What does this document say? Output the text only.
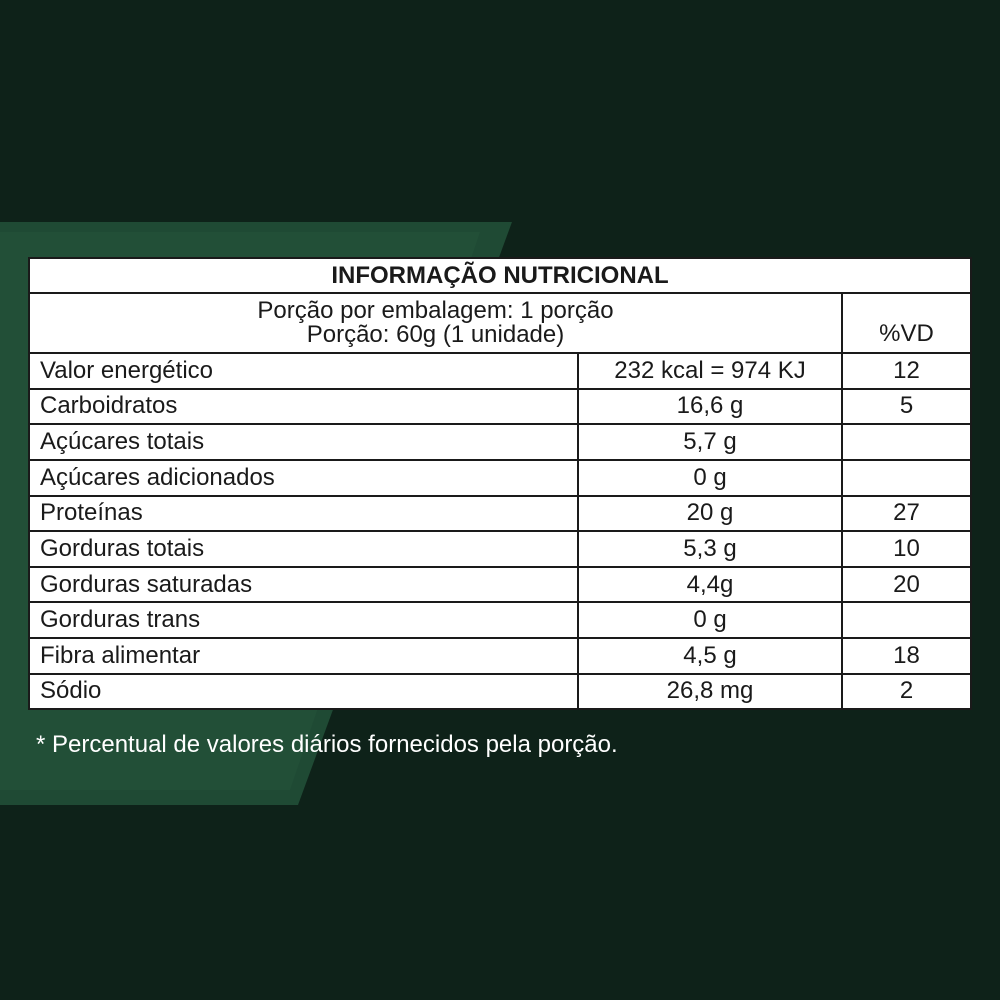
INFORMAÇÃO NUTRICIONAL		

Porção por embalagem: 1 porção
Porção: 60g (1 unidade)		%VD
Valor energético	232 kcal = 974 KJ	12
Carboidratos	16,6 g	5
Açúcares totais	5,7 g	
Açúcares adicionados	0 g	
Proteínas	20 g	27
Gorduras totais	5,3 g	10
Gorduras saturadas	4,4g	20
Gorduras trans	0 g	
Fibra alimentar	4,5 g	18
Sódio	26,8 mg	2
* Percentual de valores diários fornecidos pela porção.
